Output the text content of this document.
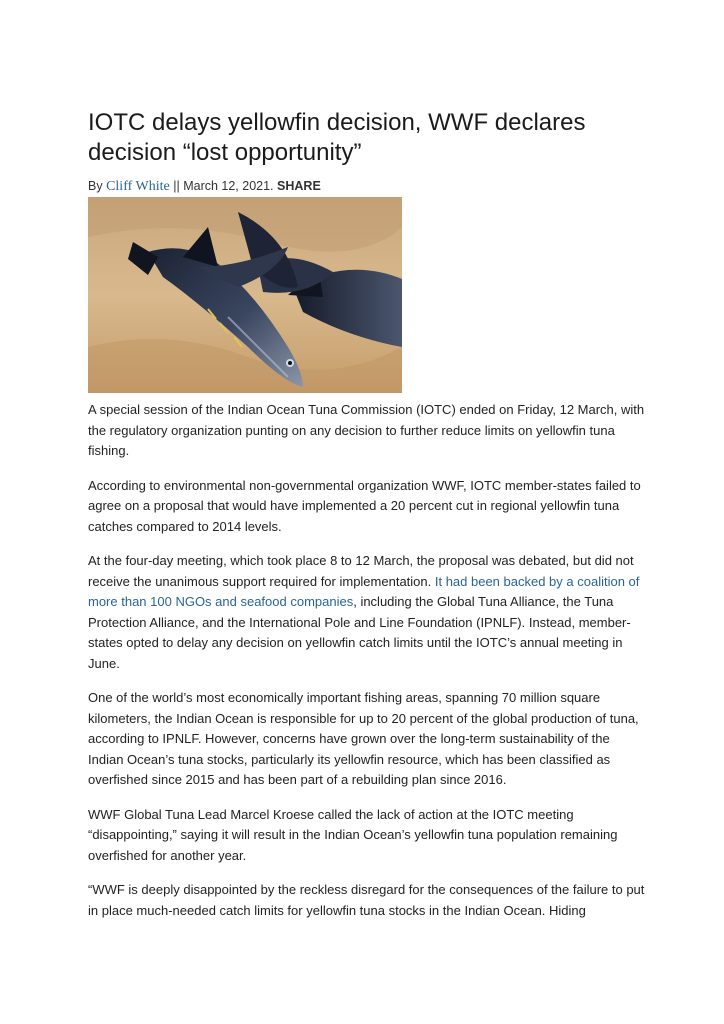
IOTC delays yellowfin decision, WWF declares decision “lost opportunity”
By Cliff White || March 12, 2021. SHARE

A special session of the Indian Ocean Tuna Commission (IOTC) ended on Friday, 12 March, with the regulatory organization punting on any decision to further reduce limits on yellowfin tuna fishing.

According to environmental non-governmental organization WWF, IOTC member-states failed to agree on a proposal that would have implemented a 20 percent cut in regional yellowfin tuna catches compared to 2014 levels.

At the four-day meeting, which took place 8 to 12 March, the proposal was debated, but did not receive the unanimous support required for implementation. It had been backed by a coalition of more than 100 NGOs and seafood companies, including the Global Tuna Alliance, the Tuna Protection Alliance, and the International Pole and Line Foundation (IPNLF). Instead, member-states opted to delay any decision on yellowfin catch limits until the IOTC’s annual meeting in June.

One of the world’s most economically important fishing areas, spanning 70 million square kilometers, the Indian Ocean is responsible for up to 20 percent of the global production of tuna, according to IPNLF. However, concerns have grown over the long-term sustainability of the Indian Ocean’s tuna stocks, particularly its yellowfin resource, which has been classified as overfished since 2015 and has been part of a rebuilding plan since 2016.

WWF Global Tuna Lead Marcel Kroese called the lack of action at the IOTC meeting “disappointing,” saying it will result in the Indian Ocean’s yellowfin tuna population remaining overfished for another year.

“WWF is deeply disappointed by the reckless disregard for the consequences of the failure to put in place much-needed catch limits for yellowfin tuna stocks in the Indian Ocean. Hiding
